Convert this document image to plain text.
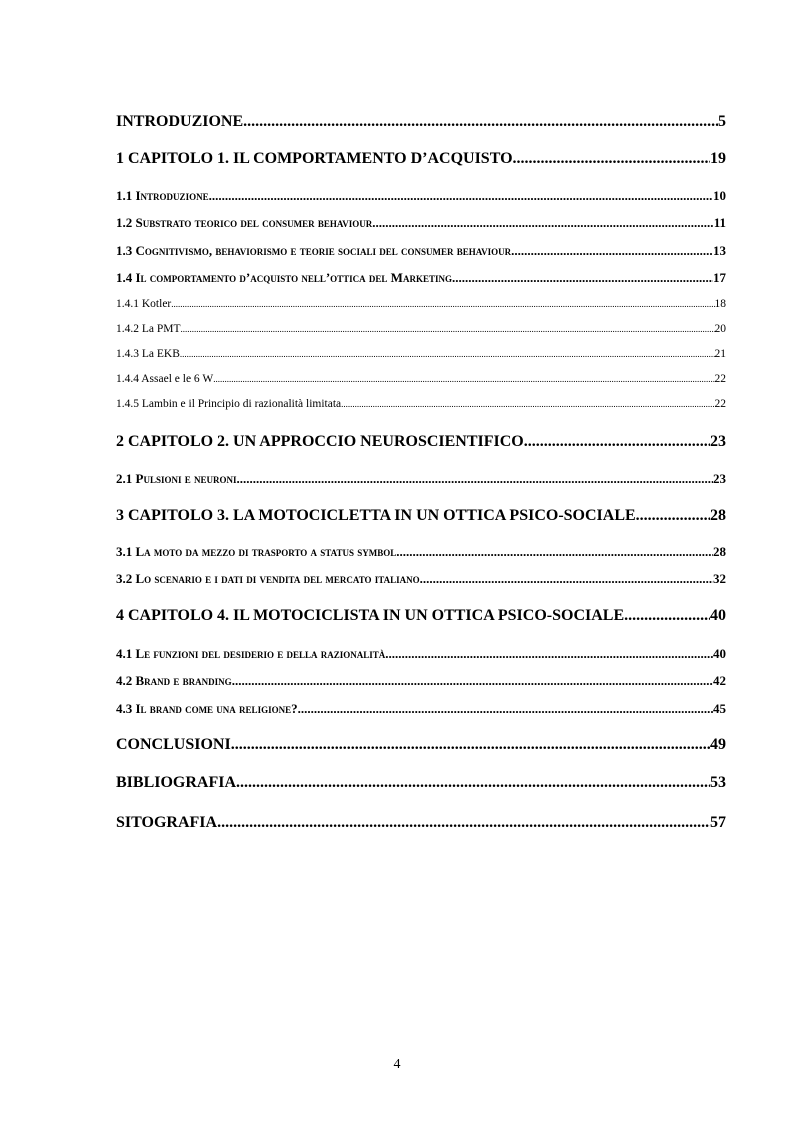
INTRODUZIONE .....	5
1 CAPITOLO 1. IL COMPORTAMENTO D’ACQUISTO .....	19
1.1 Introduzione .....	10
1.2 Substrato teorico del consumer behaviour .....	11
1.3 Cognitivismo, behaviorismo e teorie sociali del consumer behaviour .....	13
1.4 Il comportamento d’acquisto nell’ottica del Marketing .....	17
1.4.1 Kotler .....	18
1.4.2 La PMT .....	20
1.4.3 La EKB .....	21
1.4.4 Assael e le 6 W .....	22
1.4.5 Lambin e il Principio di razionalità limitata .....	22
2 CAPITOLO 2. UN APPROCCIO NEUROSCIENTIFICO .....	23
2.1 Pulsioni e neuroni .....	23
3 CAPITOLO 3. LA MOTOCICLETTA IN UN OTTICA PSICO-SOCIALE .....	28
3.1 La moto da mezzo di trasporto a status symbol .....	28
3.2 Lo scenario e i dati di vendita del mercato italiano .....	32
4 CAPITOLO 4. IL MOTOCICLISTA IN UN OTTICA PSICO-SOCIALE .....	40
4.1 Le funzioni del desiderio e della razionalità .....	40
4.2 Brand e branding .....	42
4.3 Il brand come una religione? .....	45
CONCLUSIONI .....	49
BIBLIOGRAFIA .....	53
SITOGRAFIA .....	57
4
